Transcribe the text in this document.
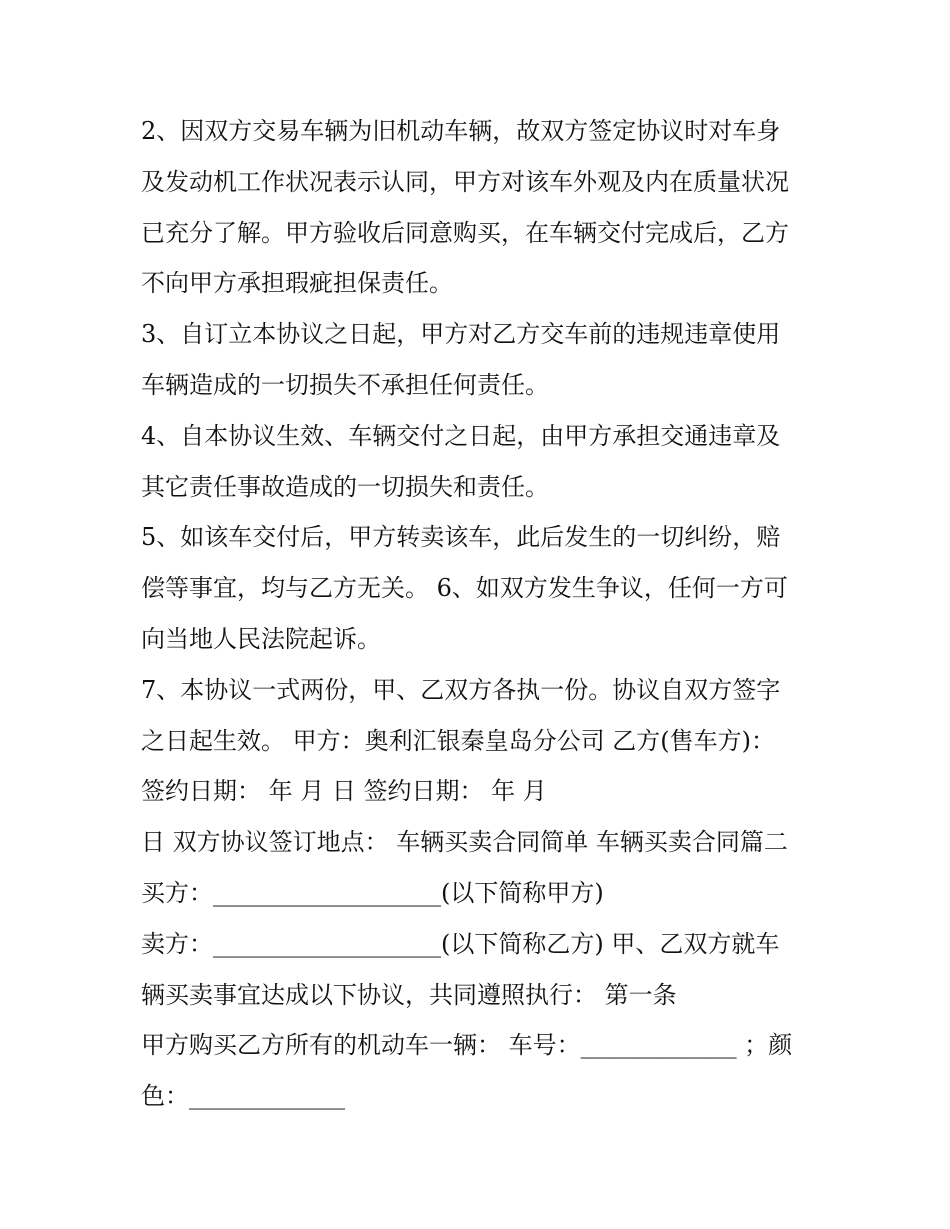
2、因双方交易车辆为旧机动车辆，故双方签定协议时对车身
及发动机工作状况表示认同，甲方对该车外观及内在质量状况
已充分了解。甲方验收后同意购买，在车辆交付完成后，乙方
不向甲方承担瑕疵担保责任。
3、自订立本协议之日起，甲方对乙方交车前的违规违章使用
车辆造成的一切损失不承担任何责任。
4、自本协议生效、车辆交付之日起，由甲方承担交通违章及
其它责任事故造成的一切损失和责任。
5、如该车交付后，甲方转卖该车，此后发生的一切纠纷，赔
偿等事宜，均与乙方无关。 6、如双方发生争议，任何一方可
向当地人民法院起诉。
7、本协议一式两份，甲、乙双方各执一份。协议自双方签字
之日起生效。 甲方：奥利汇银秦皇岛分公司 乙方(售车方)：
签约日期： 年 月 日 签约日期： 年 月
日 双方协议签订地点： 车辆买卖合同简单 车辆买卖合同篇二
买方：___________________(以下简称甲方)
卖方：___________________(以下简称乙方) 甲、乙双方就车
辆买卖事宜达成以下协议，共同遵照执行： 第一条
甲方购买乙方所有的机动车一辆： 车号：_____________ ；颜
色：_____________
